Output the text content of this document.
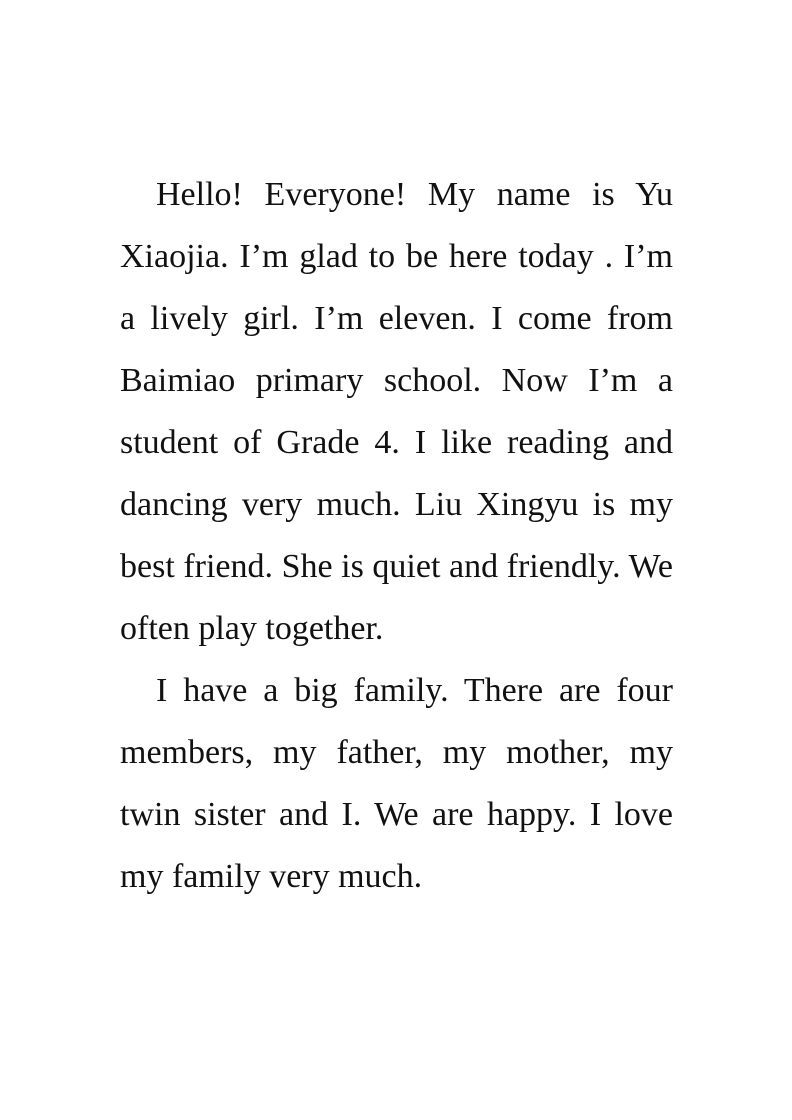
Hello! Everyone! My name is Yu Xiaojia. I’m glad to be here today . I’m a lively girl. I’m eleven. I come from Baimiao primary school. Now I’m a student of Grade 4. I like reading and dancing very much. Liu Xingyu is my best friend. She is quiet and friendly. We often play together.

I have a big family. There are four members, my father, my mother, my twin sister and I. We are happy. I love my family very much.
